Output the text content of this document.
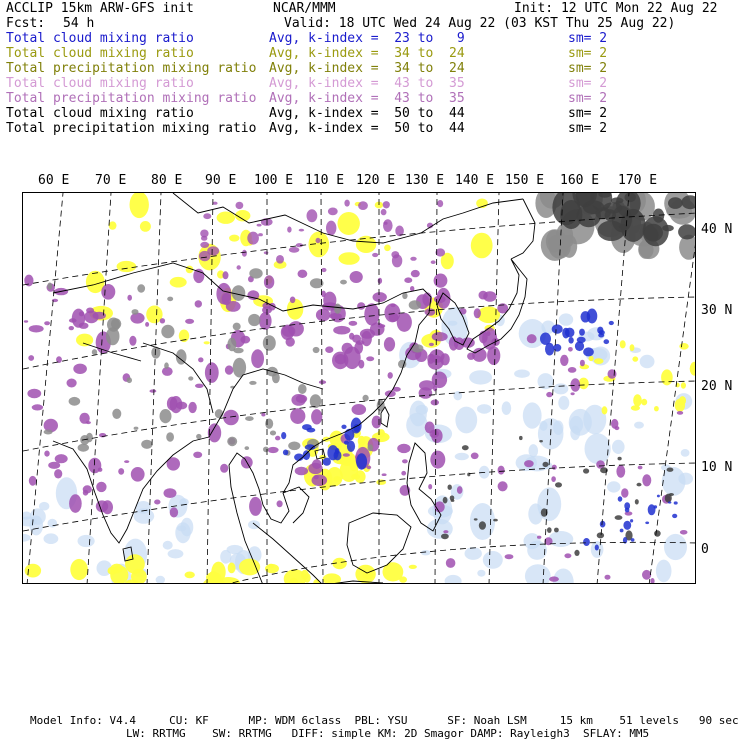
ACCLIP 15km ARW-GFS init	NCAR/MMM	Init: 12 UTC Mon 22 Aug 22
Fcst: 54 h	Valid: 18 UTC Wed 24 Aug 22 (03 KST Thu 25 Aug 22)
Total cloud mixing ratio	Avg, k-index =  23 to   9	sm= 2
Total cloud mixing ratio	Avg, k-index =  34 to  24	sm= 2
Total precipitation mixing ratio Avg, k-index =  34 to  24	sm= 2
Total cloud mixing ratio	Avg, k-index =  43 to  35	sm= 2
Total precipitation mixing ratio Avg, k-index =  43 to  35	sm= 2
Total cloud mixing ratio	Avg, k-index =  50 to  44	sm= 2
Total precipitation mixing ratio Avg, k-index =  50 to  44	sm= 2
60 E 70 E 80 E 90 E 100 E 110 E 120 E 130 E 140 E 150 E 160 E 170 E
40 N
30 N
20 N
10 N
0
Model Info: V4.4     CU: KF      MP: WDM 6class  PBL: YSU      SF: Noah LSM     15 km    51 levels   90 sec
LW: RRTMG    SW: RRTMG   DIFF: simple KM: 2D Smagor DAMP: Rayleigh3  SFLAY: MM5
